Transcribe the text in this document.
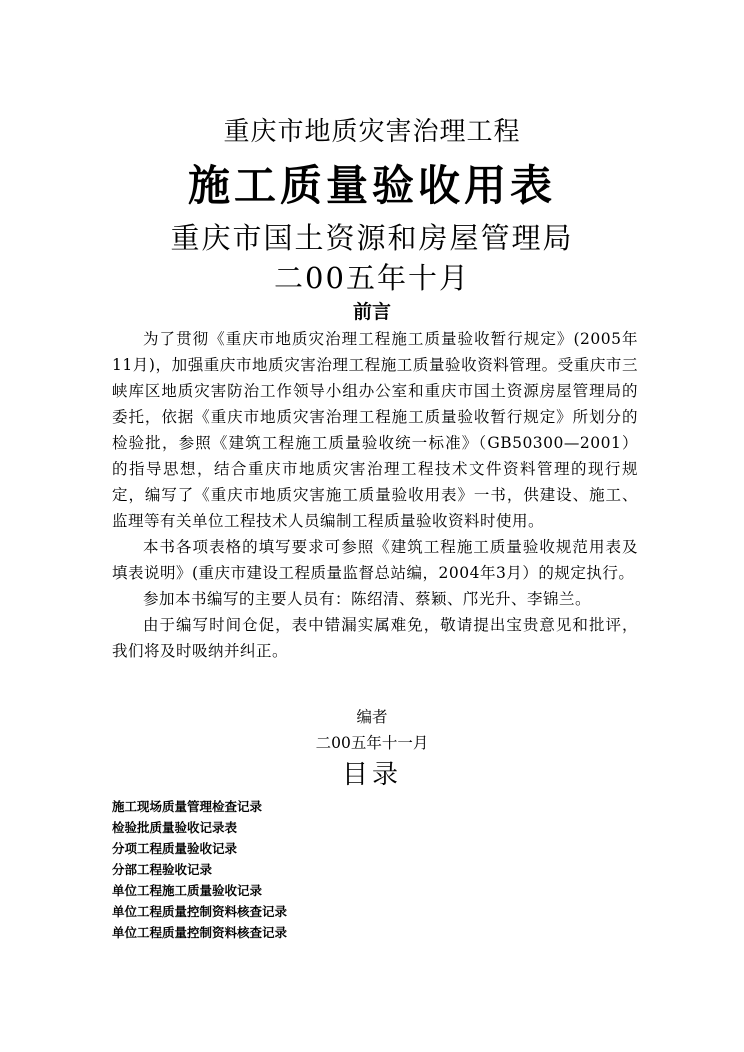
重庆市地质灾害治理工程
施工质量验收用表
重庆市国土资源和房屋管理局
二00五年十月
前言

为了贯彻《重庆市地质灾治理工程施工质量验收暂行规定》(2005年11月)，加强重庆市地质灾害治理工程施工质量验收资料管理。受重庆市三峡库区地质灾害防治工作领导小组办公室和重庆市国土资源房屋管理局的委托，依据《重庆市地质灾害治理工程施工质量验收暂行规定》所划分的检验批，参照《建筑工程施工质量验收统一标准》（GB50300—2001）的指导思想，结合重庆市地质灾害治理工程技术文件资料管理的现行规定，编写了《重庆市地质灾害施工质量验收用表》一书，供建设、施工、监理等有关单位工程技术人员编制工程质量验收资料时使用。

本书各项表格的填写要求可参照《建筑工程施工质量验收规范用表及填表说明》(重庆市建设工程质量监督总站编，2004年3月）的规定执行。

参加本书编写的主要人员有：陈绍清、蔡颖、邝光升、李锦兰。

由于编写时间仓促，表中错漏实属难免，敬请提出宝贵意见和批评，我们将及时吸纳并纠正。

编者
二00五年十一月
目录
施工现场质量管理检查记录
检验批质量验收记录表
分项工程质量验收记录
分部工程验收记录
单位工程施工质量验收记录
单位工程质量控制资料核查记录
单位工程质量控制资料核查记录
